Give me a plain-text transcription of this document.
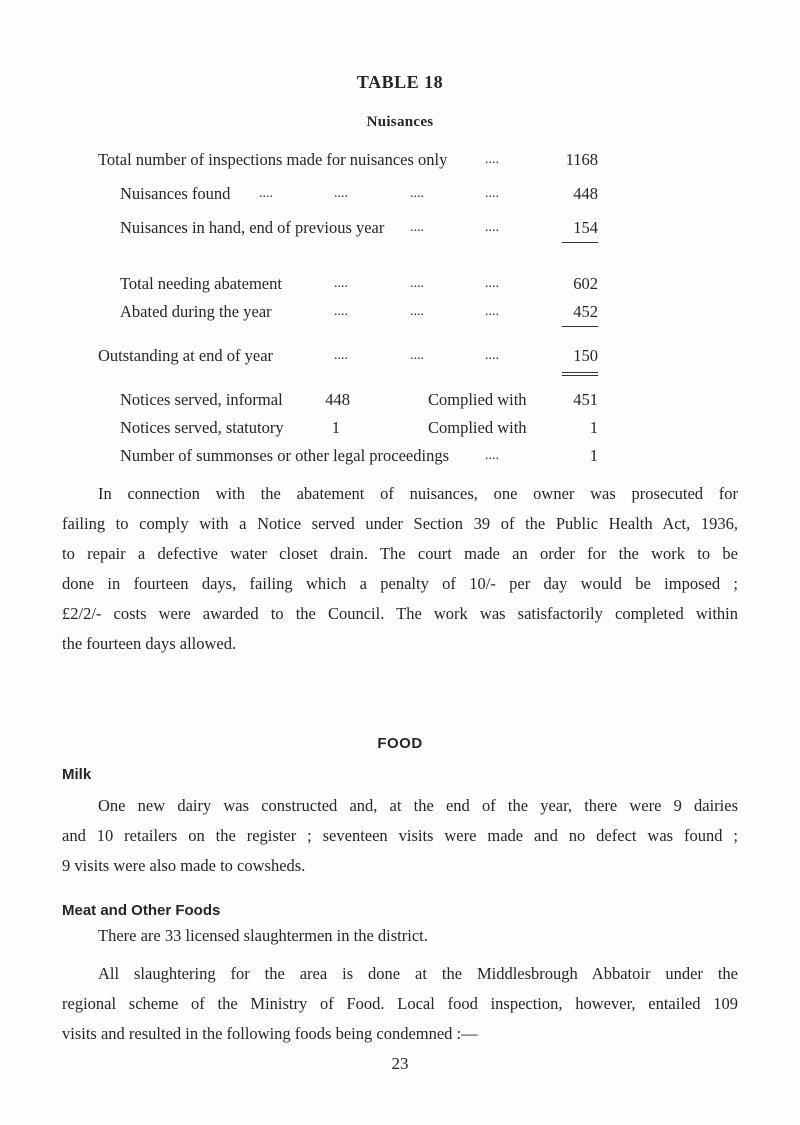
TABLE 18
Nuisances
Total number of inspections made for nuisances only	....	1168
Nuisances found ....	....	....	....	448
Nuisances in hand, end of previous year ....	....	154
Total needing abatement	....	....	....	602
Abated during the year	....	....	....	452
Outstanding at end of year	....	....	....	150
Notices served, informal	448	Complied with	451
Notices served, statutory	1	Complied with	1
Number of summonses or other legal proceedings	....	1
In connection with the abatement of nuisances, one owner was prosecuted for
failing to comply with a Notice served under Section 39 of the Public Health Act, 1936,
to repair a defective water closet drain. The court made an order for the work to be
done in fourteen days, failing which a penalty of 10/- per day would be imposed ;
£2/2/- costs were awarded to the Council. The work was satisfactorily completed within
the fourteen days allowed.
FOOD
Milk
One new dairy was constructed and, at the end of the year, there were 9 dairies
and 10 retailers on the register ; seventeen visits were made and no defect was found ;
9 visits were also made to cowsheds.
Meat and Other Foods
There are 33 licensed slaughtermen in the district.
All slaughtering for the area is done at the Middlesbrough Abbatoir under the
regional scheme of the Ministry of Food. Local food inspection, however, entailed 109
visits and resulted in the following foods being condemned :—
23
